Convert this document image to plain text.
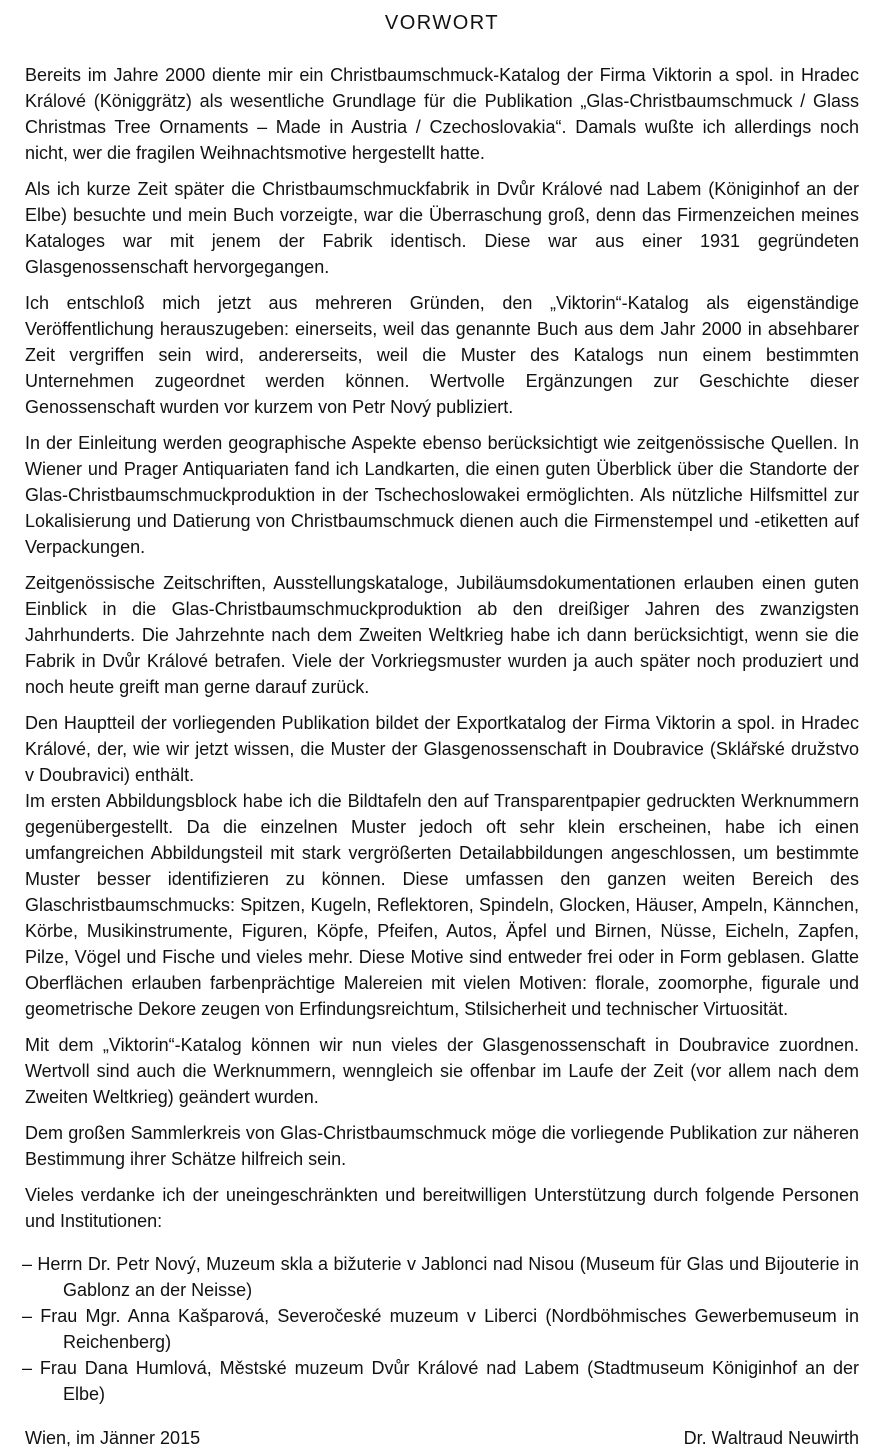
VORWORT

Bereits im Jahre 2000 diente mir ein Christbaumschmuck-Katalog der Firma Viktorin a spol. in Hradec Králové (Königgrätz) als wesentliche Grundlage für die Publikation „Glas-Christbaumschmuck / Glass Christmas Tree Ornaments – Made in Austria / Czechoslovakia“. Damals wußte ich allerdings noch nicht, wer die fragilen Weihnachtsmotive hergestellt hatte.

Als ich kurze Zeit später die Christbaumschmuckfabrik in Dvůr Králové nad Labem (Königinhof an der Elbe) besuchte und mein Buch vorzeigte, war die Überraschung groß, denn das Firmenzeichen meines Kataloges war mit jenem der Fabrik identisch. Diese war aus einer 1931 gegründeten Glasgenossenschaft hervorgegangen.

Ich entschloß mich jetzt aus mehreren Gründen, den „Viktorin“-Katalog als eigenständige Veröffentlichung herauszugeben: einerseits, weil das genannte Buch aus dem Jahr 2000 in absehbarer Zeit vergriffen sein wird, andererseits, weil die Muster des Katalogs nun einem bestimmten Unternehmen zugeordnet werden können. Wertvolle Ergänzungen zur Geschichte dieser Genossenschaft wurden vor kurzem von Petr Nový publiziert.

In der Einleitung werden geographische Aspekte ebenso berücksichtigt wie zeitgenössische Quellen. In Wiener und Prager Antiquariaten fand ich Landkarten, die einen guten Überblick über die Standorte der Glas-Christbaumschmuckproduktion in der Tschechoslowakei ermöglichten. Als nützliche Hilfsmittel zur Lokalisierung und Datierung von Christbaumschmuck dienen auch die Firmenstempel und -etiketten auf Verpackungen.

Zeitgenössische Zeitschriften, Ausstellungskataloge, Jubiläumsdokumentationen erlauben einen guten Einblick in die Glas-Christbaumschmuckproduktion ab den dreißiger Jahren des zwanzigsten Jahrhunderts. Die Jahrzehnte nach dem Zweiten Weltkrieg habe ich dann berücksichtigt, wenn sie die Fabrik in Dvůr Králové betrafen. Viele der Vorkriegsmuster wurden ja auch später noch produziert und noch heute greift man gerne darauf zurück.

Den Hauptteil der vorliegenden Publikation bildet der Exportkatalog der Firma Viktorin a spol. in Hradec Králové, der, wie wir jetzt wissen, die Muster der Glasgenossenschaft in Doubravice (Sklářské družstvo v Doubravici) enthält.

Im ersten Abbildungsblock habe ich die Bildtafeln den auf Transparentpapier gedruckten Werknummern gegenübergestellt. Da die einzelnen Muster jedoch oft sehr klein erscheinen, habe ich einen umfangreichen Abbildungsteil mit stark vergrößerten Detailabbildungen angeschlossen, um bestimmte Muster besser identifizieren zu können. Diese umfassen den ganzen weiten Bereich des Glaschristbaumschmucks: Spitzen, Kugeln, Reflektoren, Spindeln, Glocken, Häuser, Ampeln, Kännchen, Körbe, Musikinstrumente, Figuren, Köpfe, Pfeifen, Autos, Äpfel und Birnen, Nüsse, Eicheln, Zapfen, Pilze, Vögel und Fische und vieles mehr. Diese Motive sind entweder frei oder in Form geblasen. Glatte Oberflächen erlauben farbenprächtige Malereien mit vielen Motiven: florale, zoomorphe, figurale und geometrische Dekore zeugen von Erfindungsreichtum, Stilsicherheit und technischer Virtuosität.

Mit dem „Viktorin“-Katalog können wir nun vieles der Glasgenossenschaft in Doubravice zuordnen. Wertvoll sind auch die Werknummern, wenngleich sie offenbar im Laufe der Zeit (vor allem nach dem Zweiten Weltkrieg) geändert wurden.

Dem großen Sammlerkreis von Glas-Christbaumschmuck möge die vorliegende Publikation zur näheren Bestimmung ihrer Schätze hilfreich sein.

Vieles verdanke ich der uneingeschränkten und bereitwilligen Unterstützung durch folgende Personen und Institutionen:

– Herrn Dr. Petr Nový, Muzeum skla a bižuterie v Jablonci nad Nisou (Museum für Glas und Bijouterie in Gablonz an der Neisse)

– Frau Mgr. Anna Kašparová, Severočeské muzeum v Liberci (Nordböhmisches Gewerbemuseum in Reichenberg)

– Frau Dana Humlová, Městské muzeum Dvůr Králové nad Labem (Stadtmuseum Königinhof an der Elbe)

Wien, im Jänner 2015	Dr. Waltraud Neuwirth
